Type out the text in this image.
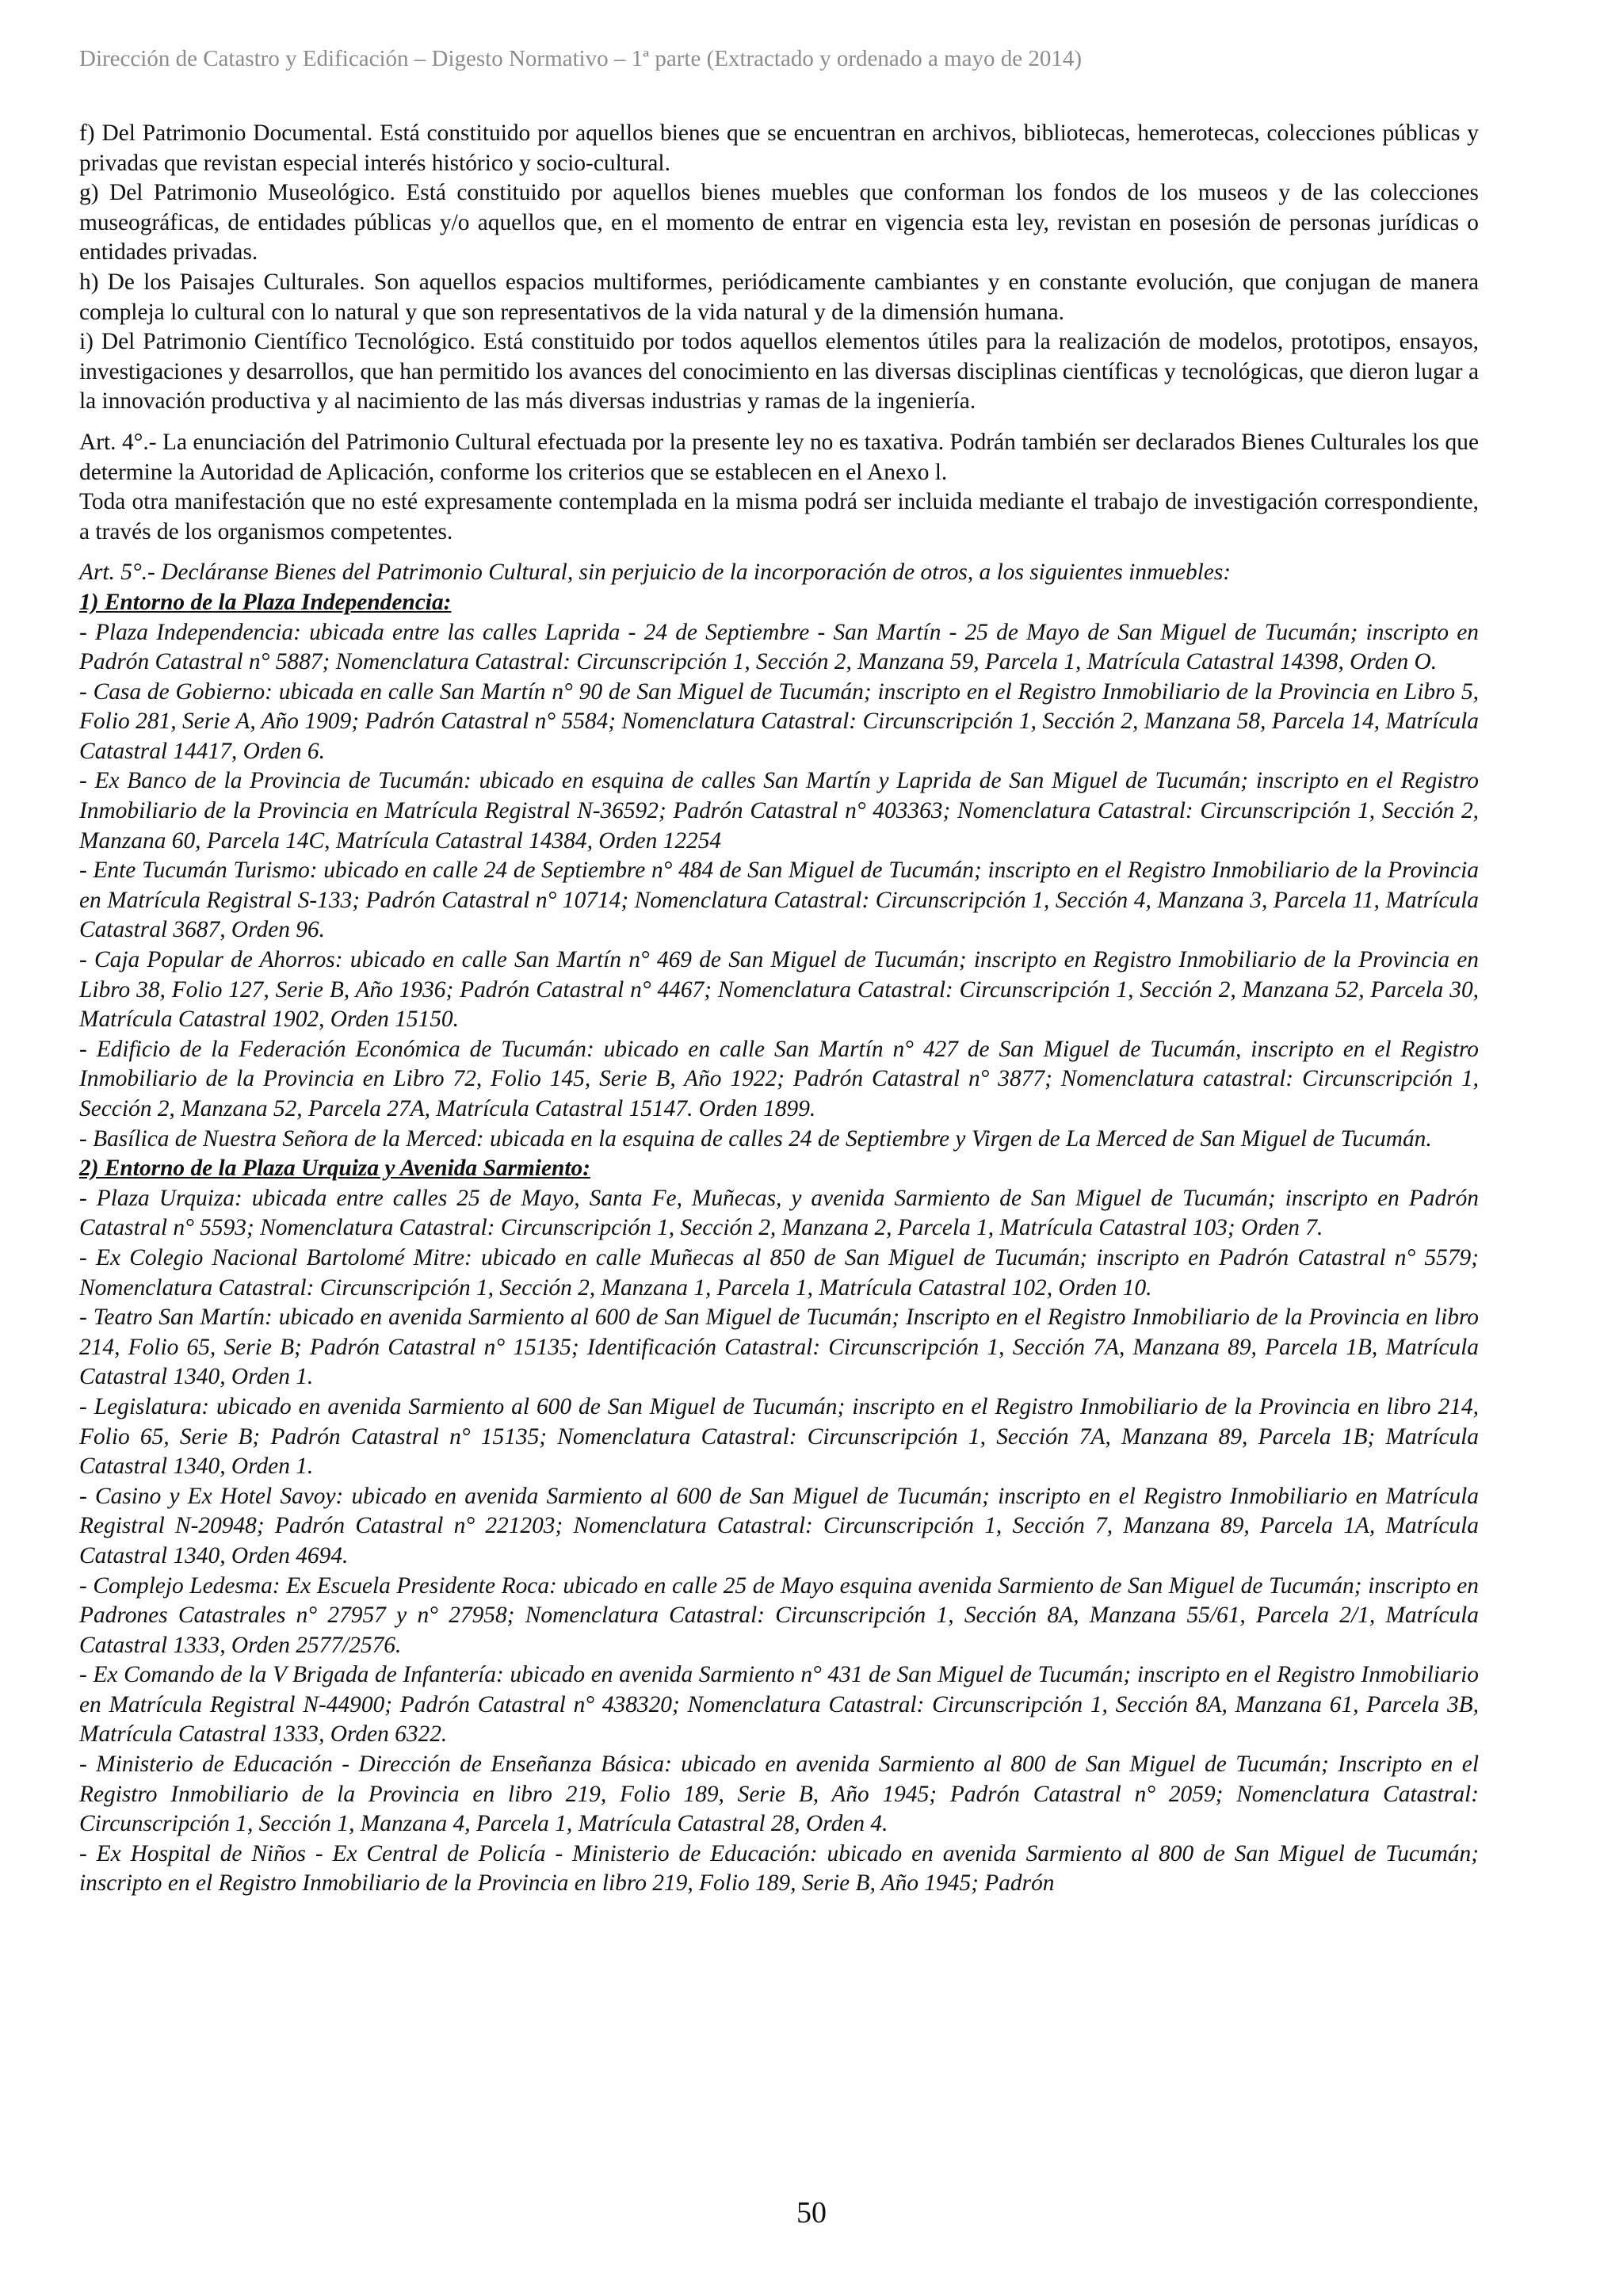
Dirección de Catastro y Edificación – Digesto Normativo – 1ª parte (Extractado y ordenado a mayo de 2014)

f) Del Patrimonio Documental. Está constituido por aquellos bienes que se encuentran en archivos, bibliotecas, hemerotecas, colecciones públicas y privadas que revistan especial interés histórico y socio-cultural.

g) Del Patrimonio Museológico. Está constituido por aquellos bienes muebles que conforman los fondos de los museos y de las colecciones museográficas, de entidades públicas y/o aquellos que, en el momento de entrar en vigencia esta ley, revistan en posesión de personas jurídicas o entidades privadas.

h) De los Paisajes Culturales. Son aquellos espacios multiformes, periódicamente cambiantes y en constante evolución, que conjugan de manera compleja lo cultural con lo natural y que son representativos de la vida natural y de la dimensión humana.

i) Del Patrimonio Científico Tecnológico. Está constituido por todos aquellos elementos útiles para la realización de modelos, prototipos, ensayos, investigaciones y desarrollos, que han permitido los avances del conocimiento en las diversas disciplinas científicas y tecnológicas, que dieron lugar a la innovación productiva y al nacimiento de las más diversas industrias y ramas de la ingeniería.

Art. 4°.- La enunciación del Patrimonio Cultural efectuada por la presente ley no es taxativa. Podrán también ser declarados Bienes Culturales los que determine la Autoridad de Aplicación, conforme los criterios que se establecen en el Anexo l.

Toda otra manifestación que no esté expresamente contemplada en la misma podrá ser incluida mediante el trabajo de investigación correspondiente, a través de los organismos competentes.

Art. 5°.- Decláranse Bienes del Patrimonio Cultural, sin perjuicio de la incorporación de otros, a los siguientes inmuebles:

1) Entorno de la Plaza Independencia:

- Plaza Independencia: ubicada entre las calles Laprida - 24 de Septiembre - San Martín - 25 de Mayo de San Miguel de Tucumán; inscripto en Padrón Catastral n° 5887; Nomenclatura Catastral: Circunscripción 1, Sección 2, Manzana 59, Parcela 1, Matrícula Catastral 14398, Orden O.

- Casa de Gobierno: ubicada en calle San Martín n° 90 de San Miguel de Tucumán; inscripto en el Registro Inmobiliario de la Provincia en Libro 5, Folio 281, Serie A, Año 1909; Padrón Catastral n° 5584; Nomenclatura Catastral: Circunscripción 1, Sección 2, Manzana 58, Parcela 14, Matrícula Catastral 14417, Orden 6.

- Ex Banco de la Provincia de Tucumán: ubicado en esquina de calles San Martín y Laprida de San Miguel de Tucumán; inscripto en el Registro Inmobiliario de la Provincia en Matrícula Registral N-36592; Padrón Catastral n° 403363; Nomenclatura Catastral: Circunscripción 1, Sección 2, Manzana 60, Parcela 14C, Matrícula Catastral 14384, Orden 12254

- Ente Tucumán Turismo: ubicado en calle 24 de Septiembre n° 484 de San Miguel de Tucumán; inscripto en el Registro Inmobiliario de la Provincia en Matrícula Registral S-133; Padrón Catastral n° 10714; Nomenclatura Catastral: Circunscripción 1, Sección 4, Manzana 3, Parcela 11, Matrícula Catastral 3687, Orden 96.

- Caja Popular de Ahorros: ubicado en calle San Martín n° 469 de San Miguel de Tucumán; inscripto en Registro Inmobiliario de la Provincia en Libro 38, Folio 127, Serie B, Año 1936; Padrón Catastral n° 4467; Nomenclatura Catastral: Circunscripción 1, Sección 2, Manzana 52, Parcela 30, Matrícula Catastral 1902, Orden 15150.

- Edificio de la Federación Económica de Tucumán: ubicado en calle San Martín n° 427 de San Miguel de Tucumán, inscripto en el Registro Inmobiliario de la Provincia en Libro 72, Folio 145, Serie B, Año 1922; Padrón Catastral n° 3877; Nomenclatura catastral: Circunscripción 1, Sección 2, Manzana 52, Parcela 27A, Matrícula Catastral 15147. Orden 1899.

- Basílica de Nuestra Señora de la Merced: ubicada en la esquina de calles 24 de Septiembre y Virgen de La Merced de San Miguel de Tucumán.

2) Entorno de la Plaza Urquiza y Avenida Sarmiento:

- Plaza Urquiza: ubicada entre calles 25 de Mayo, Santa Fe, Muñecas, y avenida Sarmiento de San Miguel de Tucumán; inscripto en Padrón Catastral n° 5593; Nomenclatura Catastral: Circunscripción 1, Sección 2, Manzana 2, Parcela 1, Matrícula Catastral 103; Orden 7.

- Ex Colegio Nacional Bartolomé Mitre: ubicado en calle Muñecas al 850 de San Miguel de Tucumán; inscripto en Padrón Catastral n° 5579; Nomenclatura Catastral: Circunscripción 1, Sección 2, Manzana 1, Parcela 1, Matrícula Catastral 102, Orden 10.

- Teatro San Martín: ubicado en avenida Sarmiento al 600 de San Miguel de Tucumán; Inscripto en el Registro Inmobiliario de la Provincia en libro 214, Folio 65, Serie B; Padrón Catastral n° 15135; Identificación Catastral: Circunscripción 1, Sección 7A, Manzana 89, Parcela 1B, Matrícula Catastral 1340, Orden 1.

- Legislatura: ubicado en avenida Sarmiento al 600 de San Miguel de Tucumán; inscripto en el Registro Inmobiliario de la Provincia en libro 214, Folio 65, Serie B; Padrón Catastral n° 15135; Nomenclatura Catastral: Circunscripción 1, Sección 7A, Manzana 89, Parcela 1B; Matrícula Catastral 1340, Orden 1.

- Casino y Ex Hotel Savoy: ubicado en avenida Sarmiento al 600 de San Miguel de Tucumán; inscripto en el Registro Inmobiliario en Matrícula Registral N-20948; Padrón Catastral n° 221203; Nomenclatura Catastral: Circunscripción 1, Sección 7, Manzana 89, Parcela 1A, Matrícula Catastral 1340, Orden 4694.

- Complejo Ledesma: Ex Escuela Presidente Roca: ubicado en calle 25 de Mayo esquina avenida Sarmiento de San Miguel de Tucumán; inscripto en Padrones Catastrales n° 27957 y n° 27958; Nomenclatura Catastral: Circunscripción 1, Sección 8A, Manzana 55/61, Parcela 2/1, Matrícula Catastral 1333, Orden 2577/2576.

- Ex Comando de la V Brigada de Infantería: ubicado en avenida Sarmiento n° 431 de San Miguel de Tucumán; inscripto en el Registro Inmobiliario en Matrícula Registral N-44900; Padrón Catastral n° 438320; Nomenclatura Catastral: Circunscripción 1, Sección 8A, Manzana 61, Parcela 3B, Matrícula Catastral 1333, Orden 6322.

- Ministerio de Educación - Dirección de Enseñanza Básica: ubicado en avenida Sarmiento al 800 de San Miguel de Tucumán; Inscripto en el Registro Inmobiliario de la Provincia en libro 219, Folio 189, Serie B, Año 1945; Padrón Catastral n° 2059; Nomenclatura Catastral: Circunscripción 1, Sección 1, Manzana 4, Parcela 1, Matrícula Catastral 28, Orden 4.

- Ex Hospital de Niños - Ex Central de Policía - Ministerio de Educación: ubicado en avenida Sarmiento al 800 de San Miguel de Tucumán; inscripto en el Registro Inmobiliario de la Provincia en libro 219, Folio 189, Serie B, Año 1945; Padrón

50
